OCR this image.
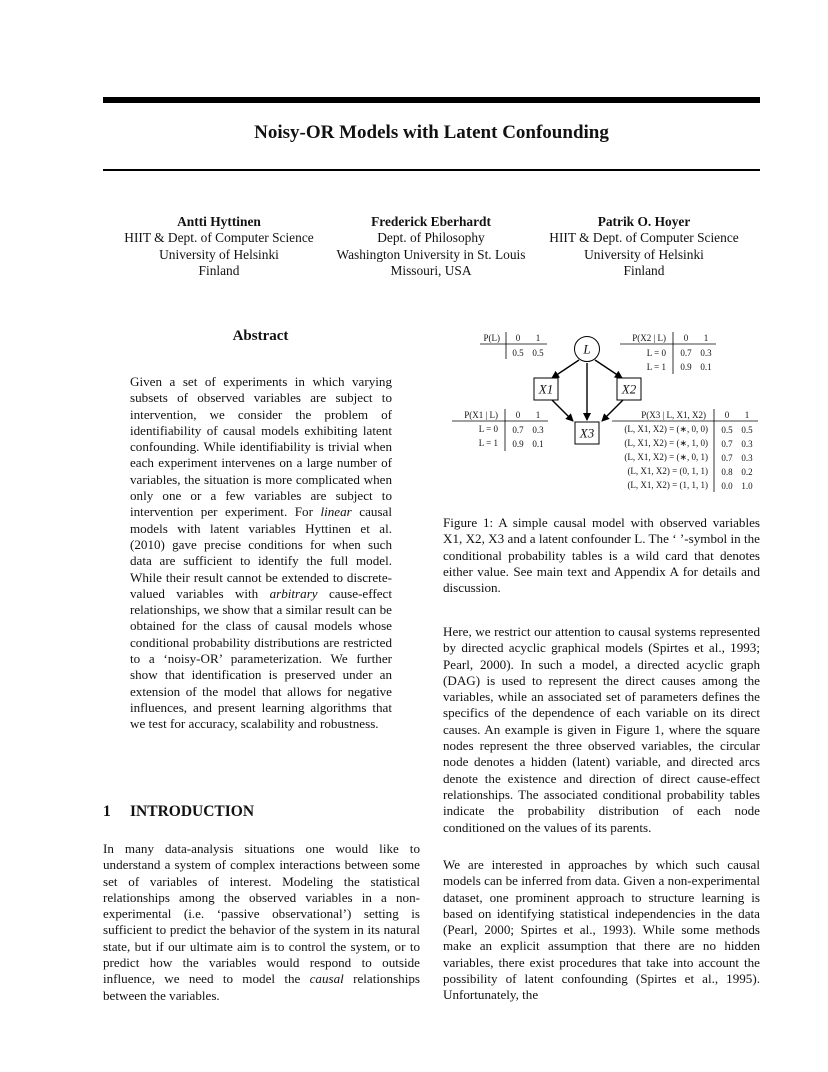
Noisy-OR Models with Latent Confounding
Antti Hyttinen
HIIT & Dept. of Computer Science
University of Helsinki
Finland
Frederick Eberhardt
Dept. of Philosophy
Washington University in St. Louis
Missouri, USA
Patrik O. Hoyer
HIIT & Dept. of Computer Science
University of Helsinki
Finland
Abstract
Given a set of experiments in which varying subsets of observed variables are subject to intervention, we consider the problem of identifiability of causal models exhibiting latent confounding. While identifiability is trivial when each experiment intervenes on a large number of variables, the situation is more complicated when only one or a few variables are subject to intervention per experiment. For linear causal models with latent variables Hyttinen et al. (2010) gave precise conditions for when such data are sufficient to identify the full model. While their result cannot be extended to discrete-valued variables with arbitrary cause-effect relationships, we show that a similar result can be obtained for the class of causal models whose conditional probability distributions are restricted to a ‘noisy-OR’ parameterization. We further show that identification is preserved under an extension of the model that allows for negative influences, and present learning algorithms that we test for accuracy, scalability and robustness.
1 INTRODUCTION
In many data-analysis situations one would like to understand a system of complex interactions between some set of variables of interest. Modeling the statistical relationships among the observed variables in a non-experimental (i.e. ‘passive observational’) setting is sufficient to predict the behavior of the system in its natural state, but if our ultimate aim is to control the system, or to predict how the variables would respond to outside influence, we need to model the causal relationships between the variables.
P(L) 0 1
0.5 0.5
P(X2 | L) 0 1
L = 0 0.7 0.3
L = 1 0.9 0.1
P(X1 | L) 0 1
L = 0 0.7 0.3
L = 1 0.9 0.1
P(X3 | L, X1, X2) 0 1
(L, X1, X2) = (∗, 0, 0) 0.5 0.5
(L, X1, X2) = (∗, 1, 0) 0.7 0.3
(L, X1, X2) = (∗, 0, 1) 0.7 0.3
(L, X1, X2) = (0, 1, 1) 0.8 0.2
(L, X1, X2) = (1, 1, 1) 0.0 1.0
L
X1	X2
X3
Figure 1: A simple causal model with observed variables X1, X2, X3 and a latent confounder L. The ‘ ’-symbol in the conditional probability tables is a wild card that denotes either value. See main text and Appendix A for details and discussion.
Here, we restrict our attention to causal systems represented by directed acyclic graphical models (Spirtes et al., 1993; Pearl, 2000). In such a model, a directed acyclic graph (DAG) is used to represent the direct causes among the variables, while an associated set of parameters defines the specifics of the dependence of each variable on its direct causes. An example is given in Figure 1, where the square nodes represent the three observed variables, the circular node denotes a hidden (latent) variable, and directed arcs denote the existence and direction of direct cause-effect relationships. The associated conditional probability tables indicate the probability distribution of each node conditioned on the values of its parents.
We are interested in approaches by which such causal models can be inferred from data. Given a non-experimental dataset, one prominent approach to structure learning is based on identifying statistical independencies in the data (Pearl, 2000; Spirtes et al., 1993). While some methods make an explicit assumption that there are no hidden variables, there exist procedures that take into account the possibility of latent confounding (Spirtes et al., 1995). Unfortunately, the
